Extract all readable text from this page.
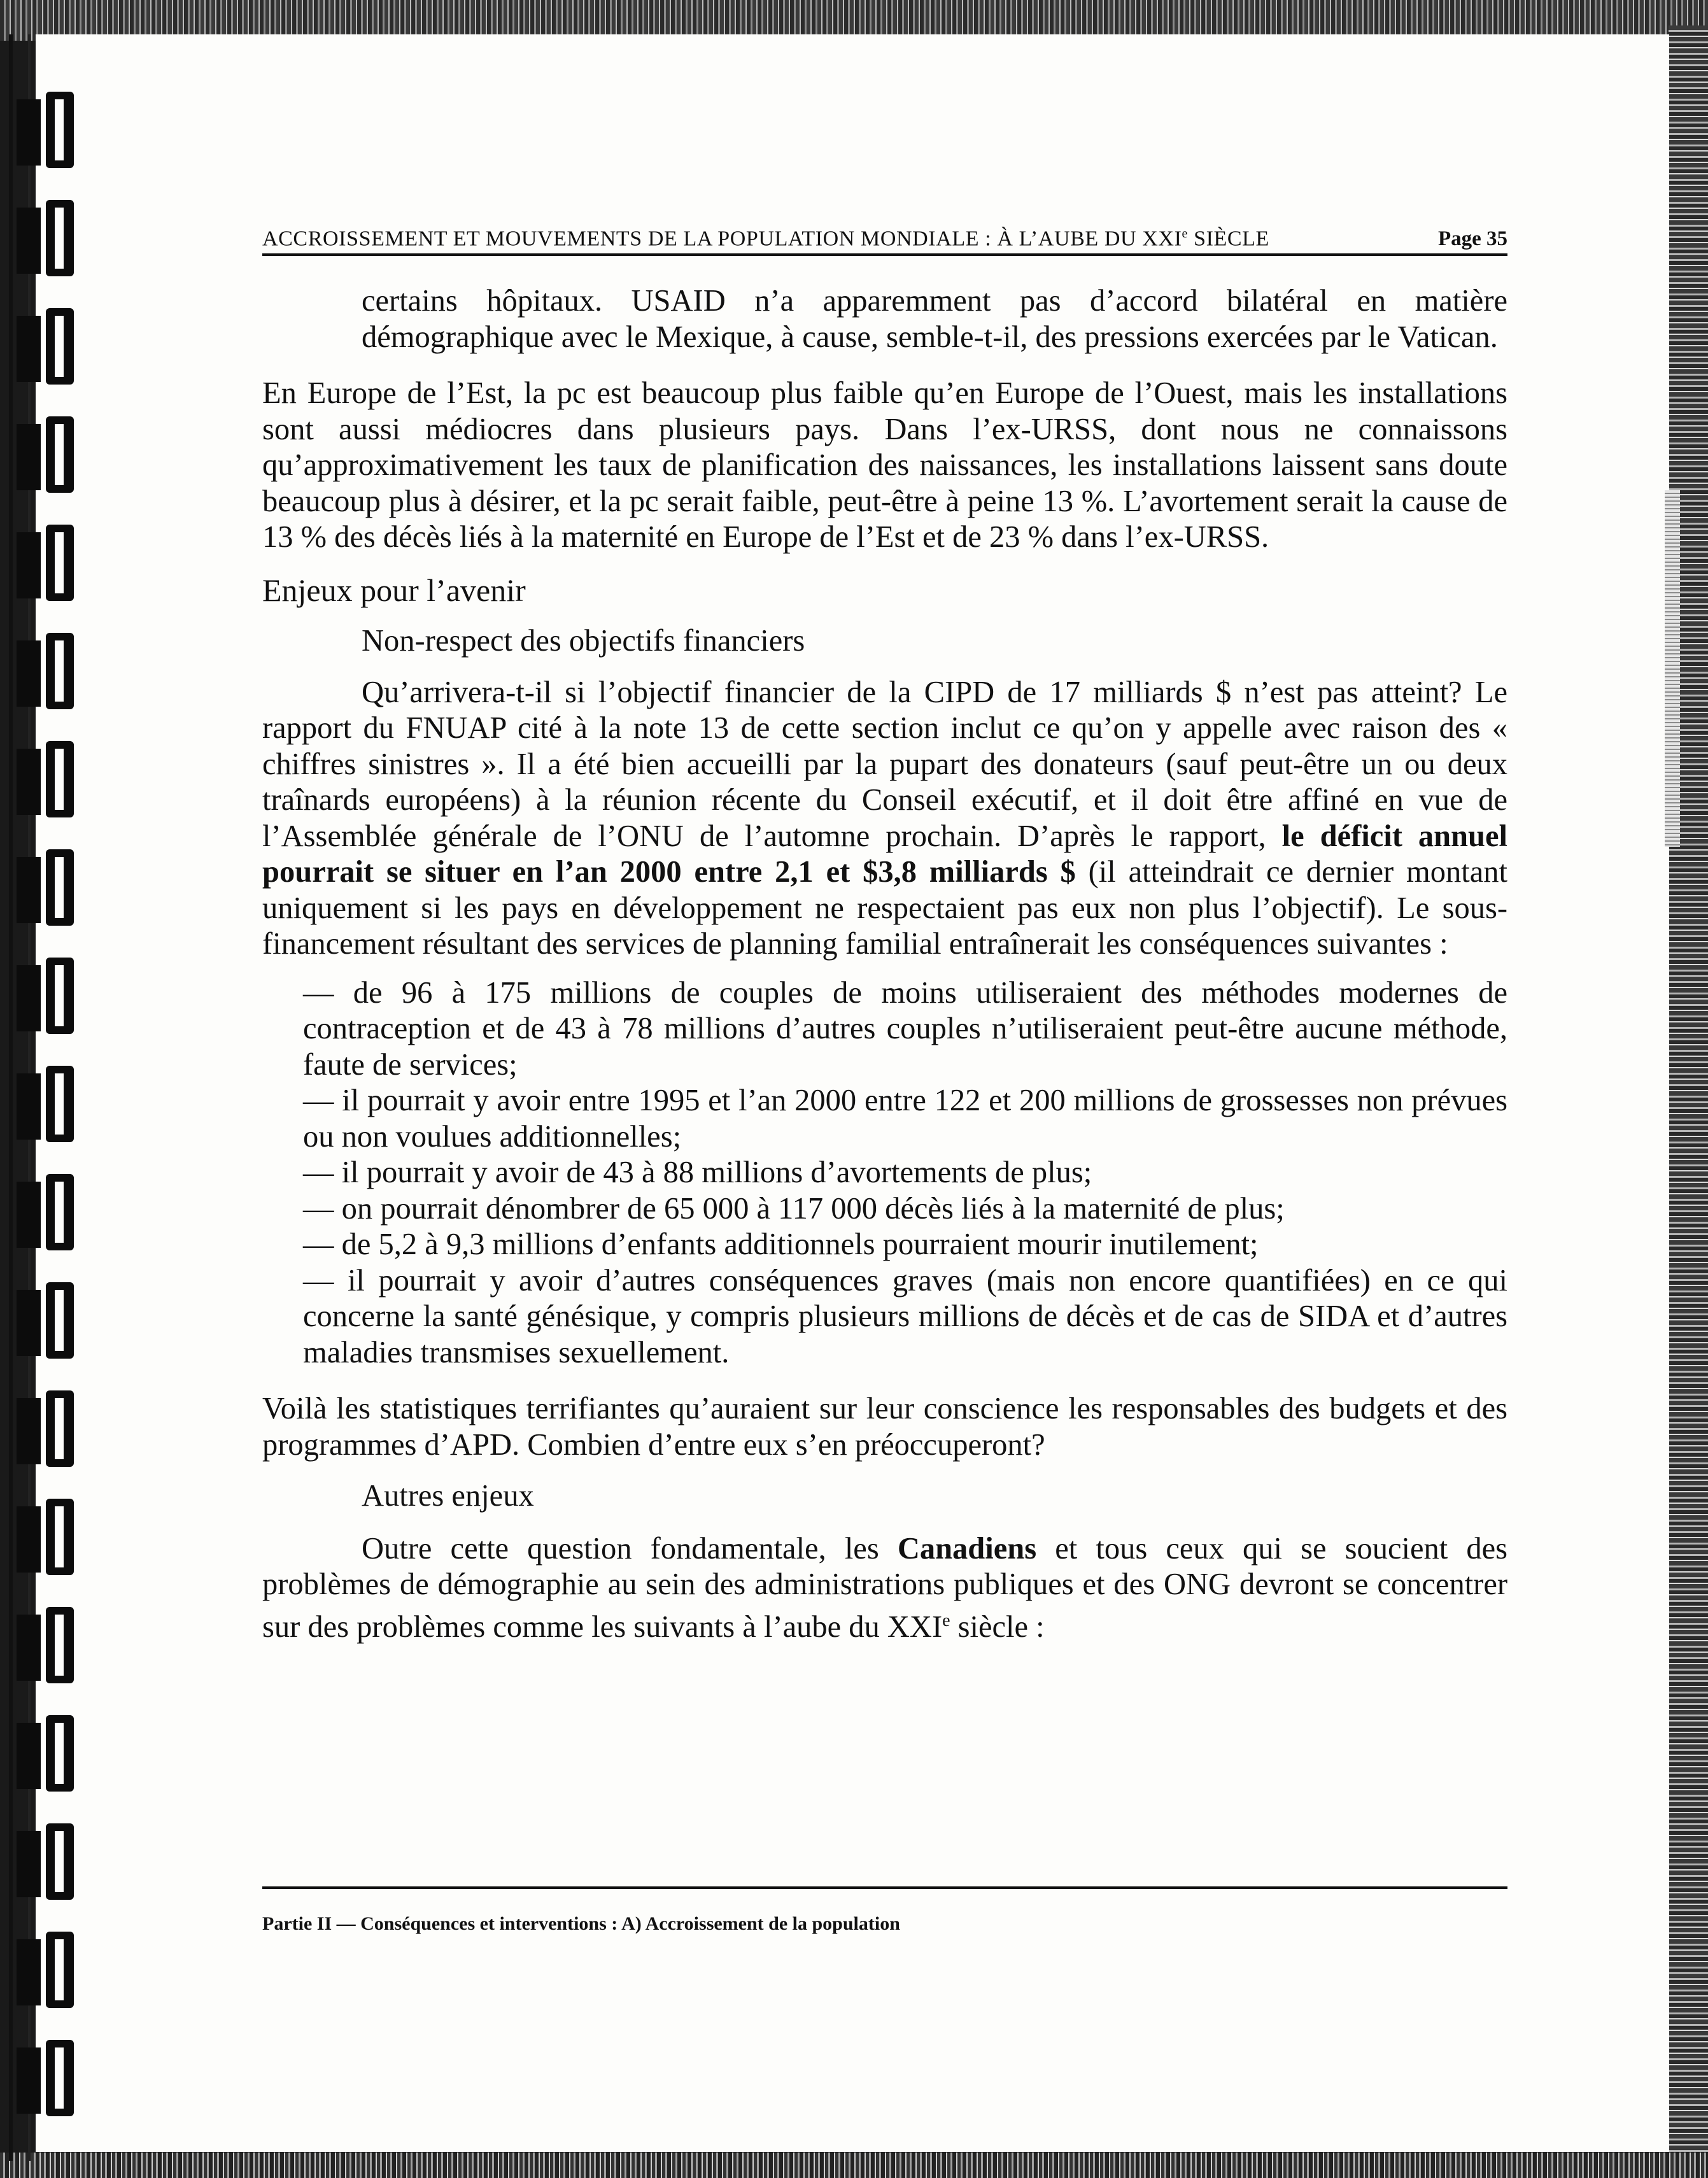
ACCROISSEMENT ET MOUVEMENTS DE LA POPULATION MONDIALE : À L’AUBE DU XXIe SIÈCLE	Page 35

certains hôpitaux. USAID n’a apparemment pas d’accord bilatéral en matière démographique avec le Mexique, à cause, semble-t-il, des pressions exercées par le Vatican.

En Europe de l’Est, la pc est beaucoup plus faible qu’en Europe de l’Ouest, mais les installations sont aussi médiocres dans plusieurs pays. Dans l’ex-URSS, dont nous ne connaissons qu’approximativement les taux de planification des naissances, les installations laissent sans doute beaucoup plus à désirer, et la pc serait faible, peut-être à peine 13 %. L’avortement serait la cause de 13 % des décès liés à la maternité en Europe de l’Est et de 23 % dans l’ex-URSS.

Enjeux pour l’avenir

Non-respect des objectifs financiers

Qu’arrivera-t-il si l’objectif financier de la CIPD de 17 milliards $ n’est pas atteint? Le rapport du FNUAP cité à la note 13 de cette section inclut ce qu’on y appelle avec raison des « chiffres sinistres ». Il a été bien accueilli par la pupart des donateurs (sauf peut-être un ou deux traînards européens) à la réunion récente du Conseil exécutif, et il doit être affiné en vue de l’Assemblée générale de l’ONU de l’automne prochain. D’après le rapport, le déficit annuel pourrait se situer en l’an 2000 entre 2,1 et $3,8 milliards $ (il atteindrait ce dernier montant uniquement si les pays en développement ne respectaient pas eux non plus l’objectif). Le sous-financement résultant des services de planning familial entraînerait les conséquences suivantes :

— de 96 à 175 millions de couples de moins utiliseraient des méthodes modernes de contraception et de 43 à 78 millions d’autres couples n’utiliseraient peut-être aucune méthode, faute de services;
— il pourrait y avoir entre 1995 et l’an 2000 entre 122 et 200 millions de grossesses non prévues ou non voulues additionnelles;
— il pourrait y avoir de 43 à 88 millions d’avortements de plus;
— on pourrait dénombrer de 65 000 à 117 000 décès liés à la maternité de plus;
— de 5,2 à 9,3 millions d’enfants additionnels pourraient mourir inutilement;
— il pourrait y avoir d’autres conséquences graves (mais non encore quantifiées) en ce qui concerne la santé génésique, y compris plusieurs millions de décès et de cas de SIDA et d’autres maladies transmises sexuellement.

Voilà les statistiques terrifiantes qu’auraient sur leur conscience les responsables des budgets et des programmes d’APD. Combien d’entre eux s’en préoccuperont?

Autres enjeux

Outre cette question fondamentale, les Canadiens et tous ceux qui se soucient des problèmes de démographie au sein des administrations publiques et des ONG devront se concentrer sur des problèmes comme les suivants à l’aube du XXIe siècle :

Partie II — Conséquences et interventions : A) Accroissement de la population
